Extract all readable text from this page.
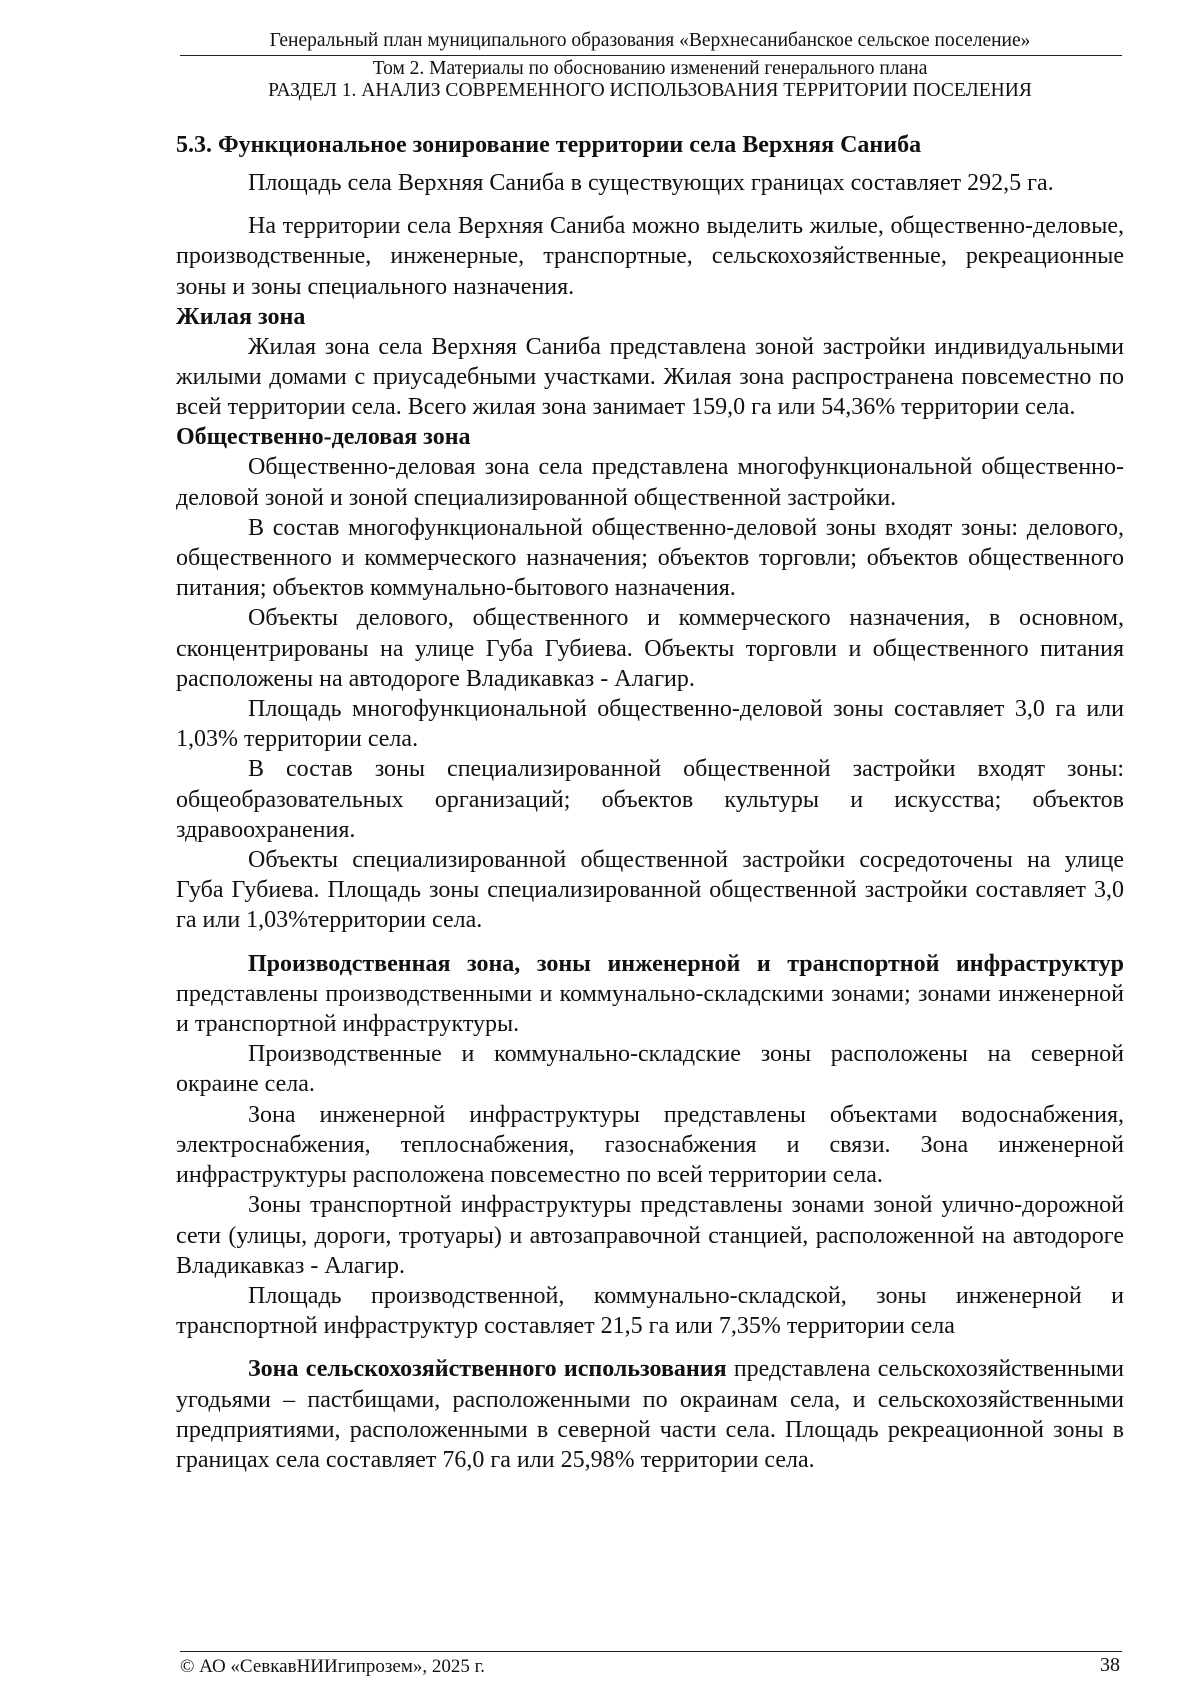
Генеральный план муниципального образования «Верхнесанибанское сельское поселение»
Том 2. Материалы по обоснованию изменений генерального плана
РАЗДЕЛ 1. АНАЛИЗ СОВРЕМЕННОГО ИСПОЛЬЗОВАНИЯ ТЕРРИТОРИИ ПОСЕЛЕНИЯ

5.3. Функциональное зонирование территории села Верхняя Саниба

Площадь села Верхняя Саниба в существующих границах составляет 292,5 га.

На территории села Верхняя Саниба можно выделить жилые, общественно-деловые, производственные, инженерные, транспортные, сельскохозяйственные, рекреационные зоны и зоны специального назначения.

Жилая зона

Жилая зона села Верхняя Саниба представлена зоной застройки индивидуальными жилыми домами с приусадебными участками. Жилая зона распространена повсеместно по всей территории села. Всего жилая зона занимает 159,0 га или 54,36% территории села.

Общественно-деловая зона

Общественно-деловая зона села представлена многофункциональной общественно-деловой зоной и зоной специализированной общественной застройки.

В состав многофункциональной общественно-деловой зоны входят зоны: делового, общественного и коммерческого назначения; объектов торговли; объектов общественного питания; объектов коммунально-бытового назначения.

Объекты делового, общественного и коммерческого назначения, в основном, сконцентрированы на улице Губа Губиева. Объекты торговли и общественного питания расположены на автодороге Владикавказ - Алагир.

Площадь многофункциональной общественно-деловой зоны составляет 3,0 га или 1,03% территории села.

В состав зоны специализированной общественной застройки входят зоны: общеобразовательных организаций; объектов культуры и искусства; объектов здравоохранения.

Объекты специализированной общественной застройки сосредоточены на улице Губа Губиева. Площадь зоны специализированной общественной застройки составляет 3,0 га или 1,03%территории села.

Производственная зона, зоны инженерной и транспортной инфраструктур представлены производственными и коммунально-складскими зонами; зонами инженерной и транспортной инфраструктуры.

Производственные и коммунально-складские зоны расположены на северной окраине села.

Зона инженерной инфраструктуры представлены объектами водоснабжения, электроснабжения, теплоснабжения, газоснабжения и связи. Зона инженерной инфраструктуры расположена повсеместно по всей территории села.

Зоны транспортной инфраструктуры представлены зонами зоной улично-дорожной сети (улицы, дороги, тротуары) и автозаправочной станцией, расположенной на автодороге Владикавказ - Алагир.

Площадь производственной, коммунально-складской, зоны инженерной и транспортной инфраструктур составляет 21,5 га или 7,35% территории села

Зона сельскохозяйственного использования представлена сельскохозяйственными угодьями – пастбищами, расположенными по окраинам села, и сельскохозяйственными предприятиями, расположенными в северной части села. Площадь рекреационной зоны в границах села составляет 76,0 га или 25,98% территории села.

© АО «СевкавНИИгипрозем», 2025 г.	38
